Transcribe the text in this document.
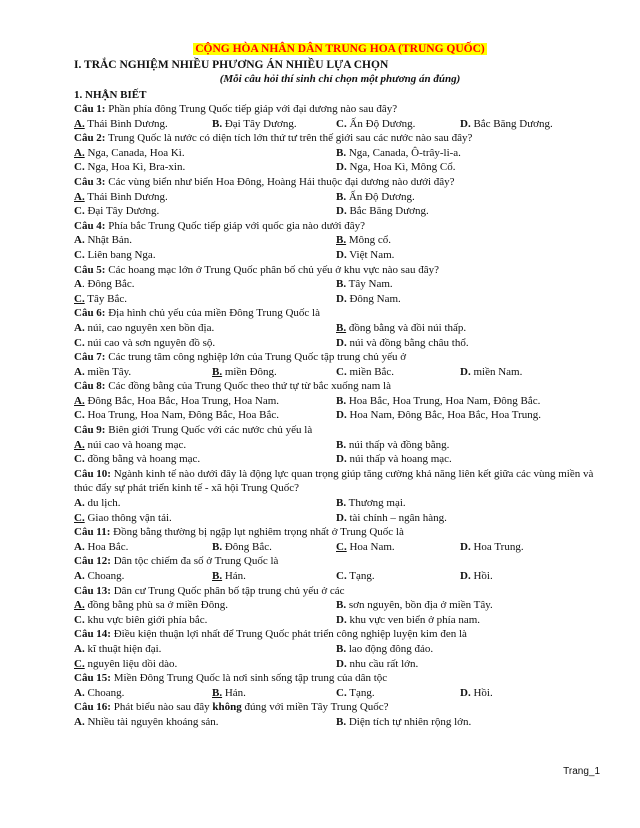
CỘNG HÒA NHÂN DÂN TRUNG HOA (TRUNG QUỐC)
I. TRẮC NGHIỆM NHIỀU PHƯƠNG ÁN NHIỀU LỰA CHỌN
(Mỗi câu hỏi thí sinh chỉ chọn một phương án đúng)
1. NHẬN BIẾT
Câu 1: Phần phía đông Trung Quốc tiếp giáp với đại dương nào sau đây?
A. Thái Bình Dương.	B. Đại Tây Dương.	C. Ấn Độ Dương.	D. Bắc Băng Dương.
Câu 2: Trung Quốc là nước có diện tích lớn thứ tư trên thế giới sau các nước nào sau đây?
A. Nga, Canada, Hoa Kì.	B. Nga, Canada, Ô-trây-li-a.
C. Nga, Hoa Kì, Bra-xin.	D. Nga, Hoa Kì, Mông Cổ.
Câu 3: Các vùng biển như biển Hoa Đông, Hoàng Hải thuộc đại dương nào dưới đây?
A. Thái Bình Dương.	B. Ấn Độ Dương.
C. Đại Tây Dương.	D. Bắc Băng Dương.
Câu 4: Phía bắc Trung Quốc tiếp giáp với quốc gia nào dưới đây?
A. Nhật Bản.	B. Mông cổ.
C. Liên bang Nga.	D. Việt Nam.
Câu 5: Các hoang mạc lớn ở Trung Quốc phân bố chủ yếu ở khu vực nào sau đây?
A. Đông Bắc.	B. Tây Nam.
C. Tây Bắc.	D. Đông Nam.
Câu 6: Địa hình chủ yếu của miền Đông Trung Quốc là
A. núi, cao nguyên xen bồn địa.	B. đồng bằng và đồi núi thấp.
C. núi cao và sơn nguyên đồ sộ.	D. núi và đồng bằng châu thổ.
Câu 7: Các trung tâm công nghiệp lớn của Trung Quốc tập trung chủ yếu ở
A. miền Tây.	B. miền Đông.	C. miền Bắc.	D. miền Nam.
Câu 8: Các đồng bằng của Trung Quốc theo thứ tự từ bắc xuống nam là
A. Đông Bắc, Hoa Bắc, Hoa Trung, Hoa Nam.	B. Hoa Bắc, Hoa Trung, Hoa Nam, Đông Bắc.
C. Hoa Trung, Hoa Nam, Đông Bắc, Hoa Bắc.	D. Hoa Nam, Đông Bắc, Hoa Bắc, Hoa Trung.
Câu 9: Biên giới Trung Quốc với các nước chủ yếu là
A. núi cao và hoang mạc.	B. núi thấp và đồng bằng.
C. đồng bằng và hoang mạc.	D. núi thấp và hoang mạc.
Câu 10: Ngành kinh tế nào dưới đây là động lực quan trọng giúp tăng cường khả năng liên kết giữa các vùng miền và thúc đẩy sự phát triển kinh tế - xã hội Trung Quốc?
A. du lịch.	B. Thương mại.
C. Giao thông vận tải.	D. tài chính – ngân hàng.
Câu 11: Đồng bằng thường bị ngập lụt nghiêm trọng nhất ở Trung Quốc là
A. Hoa Bắc.	B. Đông Bắc.	C. Hoa Nam.	D. Hoa Trung.
Câu 12: Dân tộc chiếm đa số ở Trung Quốc là
A. Choang.	B. Hán.	C. Tạng.	D. Hồi.
Câu 13: Dân cư Trung Quốc phân bố tập trung chủ yếu ở các
A. đồng bằng phù sa ở miền Đông.	B. sơn nguyên, bồn địa ở miền Tây.
C. khu vực biên giới phía bắc.	D. khu vực ven biển ở phía nam.
Câu 14: Điều kiện thuận lợi nhất để Trung Quốc phát triển công nghiệp luyện kim đen là
A. kĩ thuật hiện đại.	B. lao động đông đảo.
C. nguyên liệu dồi dào.	D. nhu cầu rất lớn.
Câu 15: Miền Đông Trung Quốc là nơi sinh sống tập trung của dân tộc
A. Choang.	B. Hán.	C. Tạng.	D. Hồi.
Câu 16: Phát biểu nào sau đây không đúng với miền Tây Trung Quốc?
A. Nhiều tài nguyên khoáng sản.	B. Diện tích tự nhiên rộng lớn.
Trang_1
